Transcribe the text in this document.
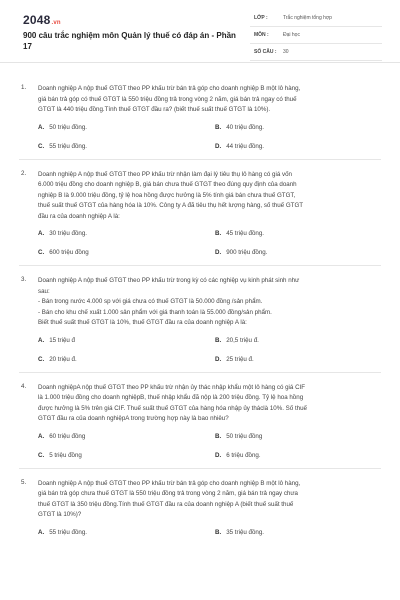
2048.vn
900 câu trắc nghiệm môn Quản lý thuế có đáp án - Phần 17
LỚP :	Trắc nghiệm tổng hợp
MÔN :	Đại học
SỐ CÂU : 30
1. Doanh nghiệp A nộp thuế GTGT theo PP khấu trừ bán trả góp cho doanh nghiệp B một lô hàng,
giá bán trả góp có thuế GTGT là 550 triệu đồng trả trong vòng 2 năm, giá bán trả ngay có thuế
GTGT là 440 triệu đồng.Tính thuế GTGT đầu ra? (biết thuế suất thuế GTGT là 10%).
A. 50 triệu đồng.	B. 40 triệu đồng.
C. 55 triệu đồng.	D. 44 triệu đồng.
2. Doanh nghiệp A nộp thuế GTGT theo PP khấu trừ nhận làm đại lý tiêu thụ lô hàng có giá vốn
6.000 triệu đồng cho doanh nghiệp B, giá bán chưa thuế GTGT theo đúng quy định của doanh
nghiệp B là 9.000 triệu đồng, tỷ lệ hoa hồng được hưởng là 5% tính giá bán chưa thuế GTGT,
thuế suất thuế GTGT của hàng hóa là 10%. Công ty A đã tiêu thụ hết lượng hàng, số thuế GTGT
đầu ra của doanh nghiệp A là:
A. 30 triệu đồng.	B. 45 triệu đồng.
C. 600 triệu đồng	D. 900 triệu đồng.
3. Doanh nghiệp A nộp thuế GTGT theo PP khấu trừ trong kỳ có các nghiệp vụ kinh phát sinh như
sau:
- Bán trong nước 4.000 sp với giá chưa có thuế GTGT là 50.000 đồng /sản phẩm.
- Bán cho khu chế xuất 1.000 sản phẩm với giá thanh toán là 55.000 đồng/sản phẩm.
Biết thuế suất thuế GTGT là 10%, thuế GTGT đầu ra của doanh nghiệp A là:
A. 15 triệu đ	B. 20,5 triệu đ.
C. 20 triệu đ.	D. 25 triệu đ.
4. Doanh nghiệpA nộp thuế GTGT theo PP khấu trừ nhận ủy thác nhập khẩu một lô hàng có giá CIF
là 1.000 triệu đồng cho doanh nghiệpB, thuế nhập khẩu đã nộp là 200 triệu đồng. Tỷ lệ hoa hồng
được hưởng là 5% trên giá CIF. Thuế suất thuế GTGT của hàng hóa nhập ủy tháclà 10%. Số thuế
GTGT đầu ra của doanh nghiệpA trong trường hợp này là bao nhiêu?
A. 60 triệu đồng	B. 50 triệu đồng
C. 5 triệu đồng	D. 6 triệu đồng.
5. Doanh nghiệp A nộp thuế GTGT theo PP khấu trừ bán trả góp cho doanh nghiệp B một lô hàng,
giá bán trả góp chưa thuế GTGT là 550 triệu đồng trả trong vòng 2 năm, giá bán trả ngay chưa
thuế GTGT là 350 triệu đồng.Tính thuế GTGT đầu ra của doanh nghiệp A (biết thuế suất thuế
GTGT là 10%)?
A. 55 triệu đồng.	B. 35 triệu đồng.
